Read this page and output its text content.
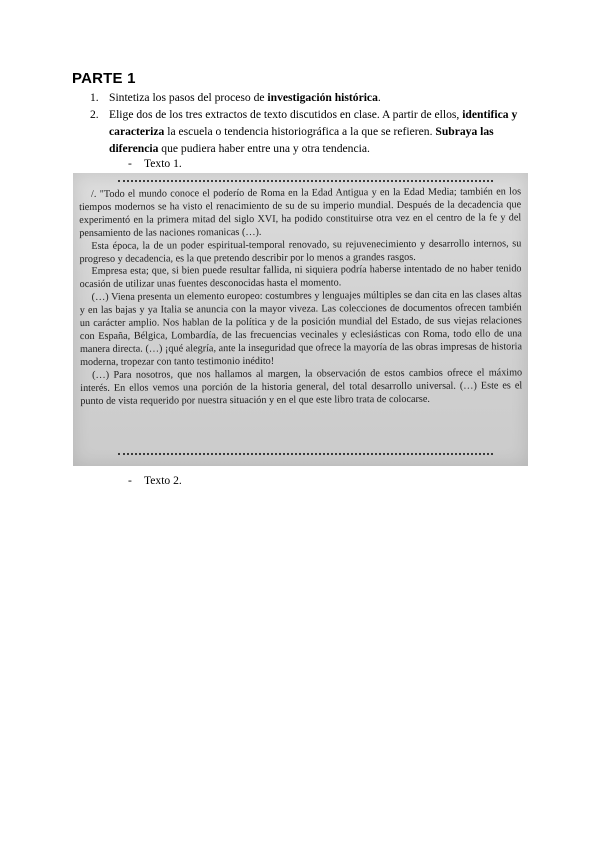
PARTE 1
1. Sintetiza los pasos del proceso de investigación histórica.
2. Elige dos de los tres extractos de texto discutidos en clase. A partir de ellos, identifica y caracteriza la escuela o tendencia historiográfica a la que se refieren. Subraya las diferencia que pudiera haber entre una y otra tendencia.
- Texto 1.

/. "Todo el mundo conoce el poderío de Roma en la Edad Antigua y en la Edad Media; también en los tiempos modernos se ha visto el renacimiento de su de su imperio mundial. Después de la decadencia que experimentó en la primera mitad del siglo XVI, ha podido constituirse otra vez en el centro de la fe y del pensamiento de las naciones romanicas (…).

Esta época, la de un poder espiritual-temporal renovado, su rejuvenecimiento y desarrollo internos, su progreso y decadencia, es la que pretendo describir por lo menos a grandes rasgos.

Empresa esta; que, si bien puede resultar fallida, ni siquiera podría haberse intentado de no haber tenido ocasión de utilizar unas fuentes desconocidas hasta el momento.

(…) Viena presenta un elemento europeo: costumbres y lenguajes múltiples se dan cita en las clases altas y en las bajas y ya Italia se anuncia con la mayor viveza. Las colecciones de documentos ofrecen también un carácter amplio. Nos hablan de la política y de la posición mundial del Estado, de sus viejas relaciones con España, Bélgica, Lombardía, de las frecuencias vecinales y eclesiásticas con Roma, todo ello de una manera directa. (…) ¡qué alegría, ante la inseguridad que ofrece la mayoría de las obras impresas de historia moderna, tropezar con tanto testimonio inédito!

(…) Para nosotros, que nos hallamos al margen, la observación de estos cambios ofrece el máximo interés. En ellos vemos una porción de la historia general, del total desarrollo universal. (…) Este es el punto de vista requerido por nuestra situación y en el que este libro trata de colocarse.

- Texto 2.
